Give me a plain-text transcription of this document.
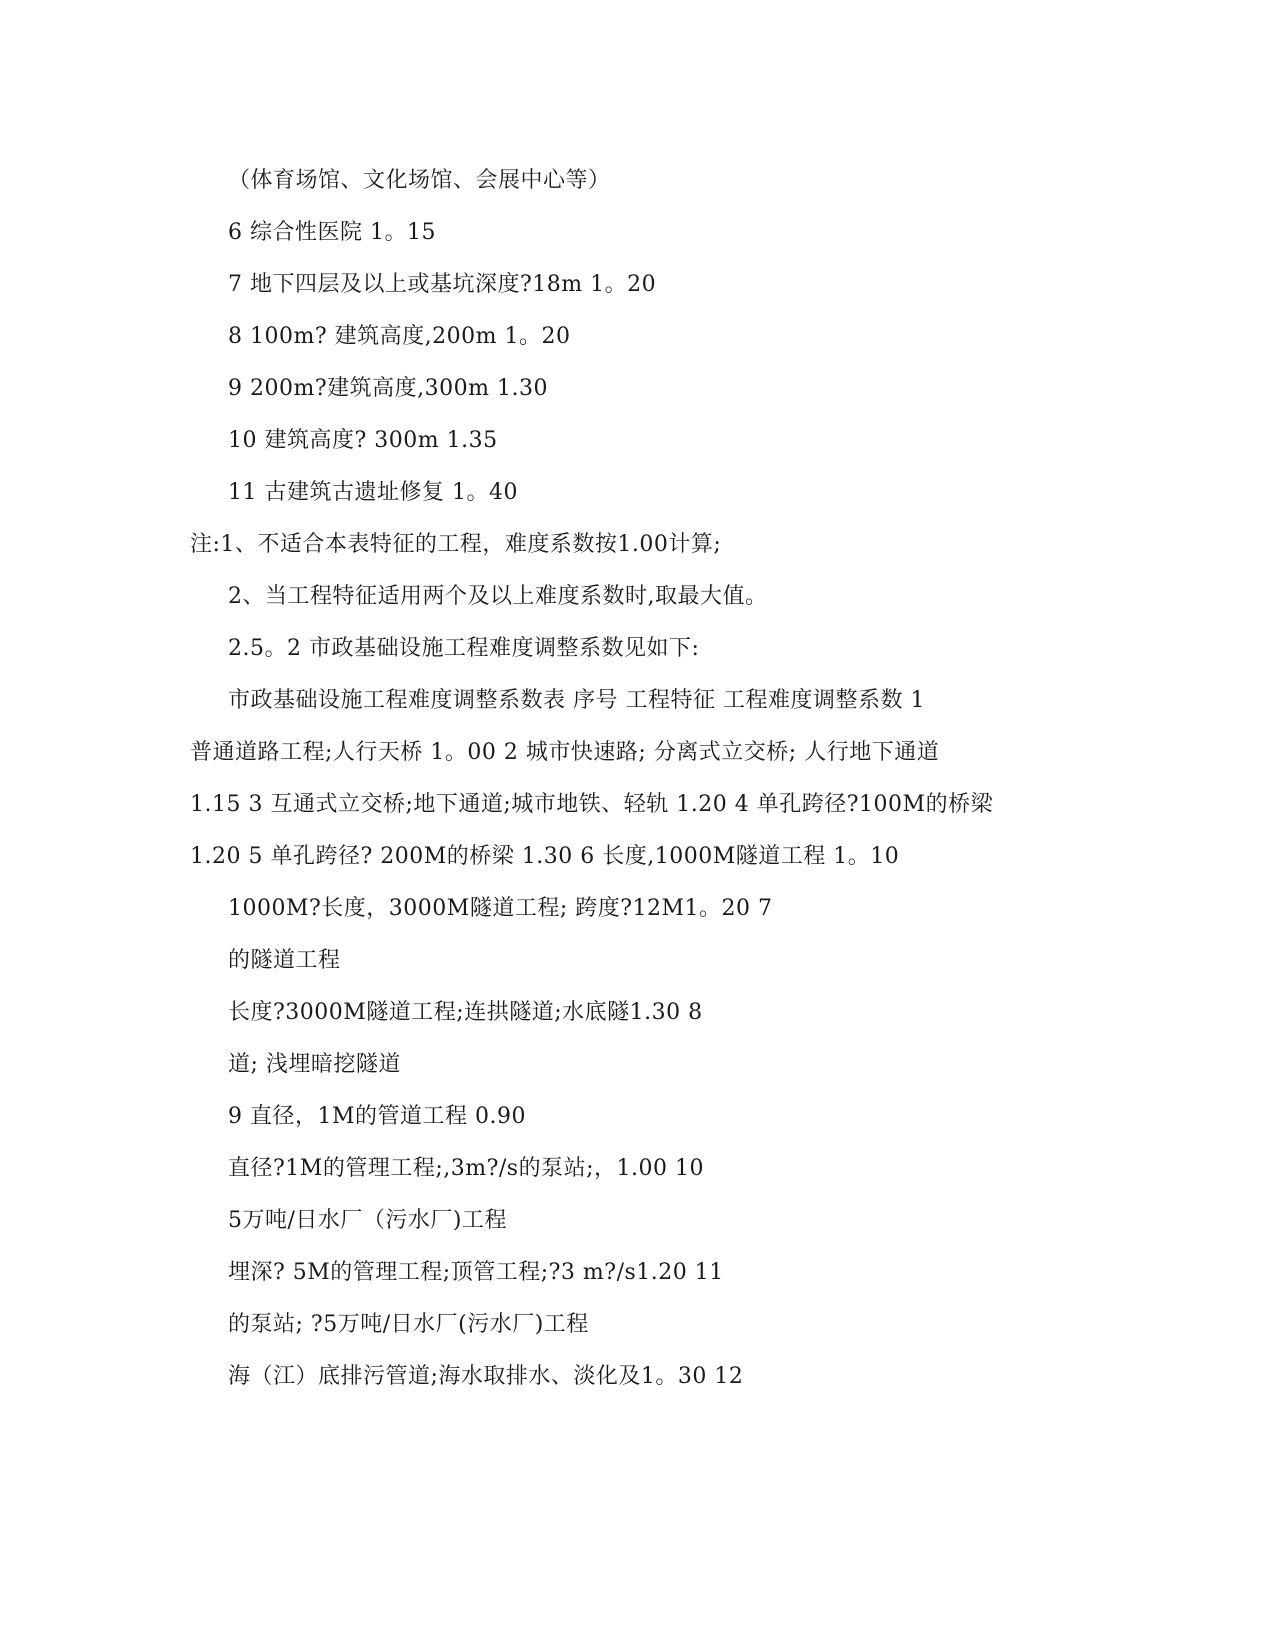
（体育场馆、文化场馆、会展中心等）
6 综合性医院 1。15
7 地下四层及以上或基坑深度?18m 1。20
8 100m? 建筑高度,200m 1。20
9 200m?建筑高度,300m 1.30
10 建筑高度? 300m 1.35
11 古建筑古遗址修复 1。40
注:1、不适合本表特征的工程，难度系数按1.00计算;
2、当工程特征适用两个及以上难度系数时,取最大值。
2.5。2 市政基础设施工程难度调整系数见如下:
市政基础设施工程难度调整系数表 序号 工程特征 工程难度调整系数 1
普通道路工程;人行天桥 1。00 2 城市快速路; 分离式立交桥; 人行地下通道
1.15 3 互通式立交桥;地下通道;城市地铁、轻轨 1.20 4 单孔跨径?100M的桥梁
1.20 5 单孔跨径? 200M的桥梁 1.30 6 长度,1000M隧道工程 1。10
1000M?长度，3000M隧道工程; 跨度?12M1。20 7
的隧道工程
长度?3000M隧道工程;连拱隧道;水底隧1.30 8
道; 浅埋暗挖隧道
9 直径，1M的管道工程 0.90
直径?1M的管理工程;,3m?/s的泵站;，1.00 10
5万吨/日水厂（污水厂)工程
埋深? 5M的管理工程;顶管工程;?3 m?/s1.20 11
的泵站; ?5万吨/日水厂(污水厂)工程
海（江）底排污管道;海水取排水、淡化及1。30 12
